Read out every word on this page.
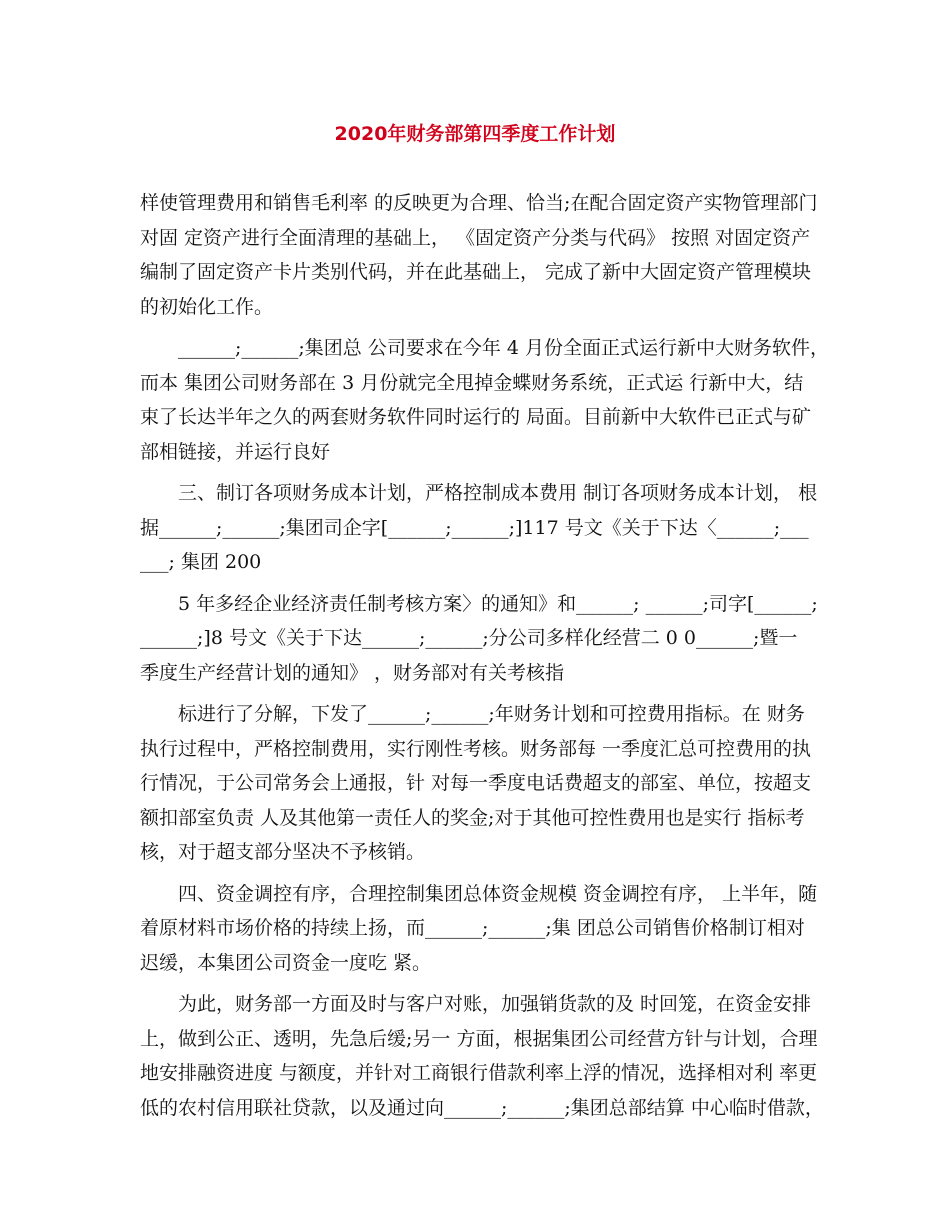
2020年财务部第四季度工作计划

样使管理费用和销售毛利率 的反映更为合理、恰当;在配合固定资产实物管理部门
对固 定资产进行全面清理的基础上， 《固定资产分类与代码》 按照 对固定资产
编制了固定资产卡片类别代码，并在此基础上， 完成了新中大固定资产管理模块
的初始化工作。

______;______;集团总 公司要求在今年 4 月份全面正式运行新中大财务软件，
而本 集团公司财务部在 3 月份就完全甩掉金蝶财务系统，正式运 行新中大，结
束了长达半年之久的两套财务软件同时运行的 局面。目前新中大软件已正式与矿
部相链接，并运行良好

三、制订各项财务成本计划，严格控制成本费用 制订各项财务成本计划， 根
据______;______;集团司企字[______;______;]117 号文《关于下达〈______;___
___; 集团 200

5 年多经企业经济责任制考核方案〉的通知》和______; ______;司字[______;
______;]8 号文《关于下达______;______;分公司多样化经营二 0 0______;暨一
季度生产经营计划的通知》 ，财务部对有关考核指

标进行了分解，下发了______;______;年财务计划和可控费用指标。在 财务
执行过程中，严格控制费用，实行刚性考核。财务部每 一季度汇总可控费用的执
行情况，于公司常务会上通报，针 对每一季度电话费超支的部室、单位，按超支
额扣部室负责 人及其他第一责任人的奖金;对于其他可控性费用也是实行 指标考
核，对于超支部分坚决不予核销。

四、资金调控有序，合理控制集团总体资金规模 资金调控有序， 上半年，随
着原材料市场价格的持续上扬，而______;______;集 团总公司销售价格制订相对
迟缓，本集团公司资金一度吃 紧。

为此，财务部一方面及时与客户对账，加强销货款的及 时回笼，在资金安排
上，做到公正、透明，先急后缓;另一 方面，根据集团公司经营方针与计划，合理
地安排融资进度 与额度，并针对工商银行借款利率上浮的情况，选择相对利 率更
低的农村信用联社贷款，以及通过向______;______;集团总部结算 中心临时借款，
